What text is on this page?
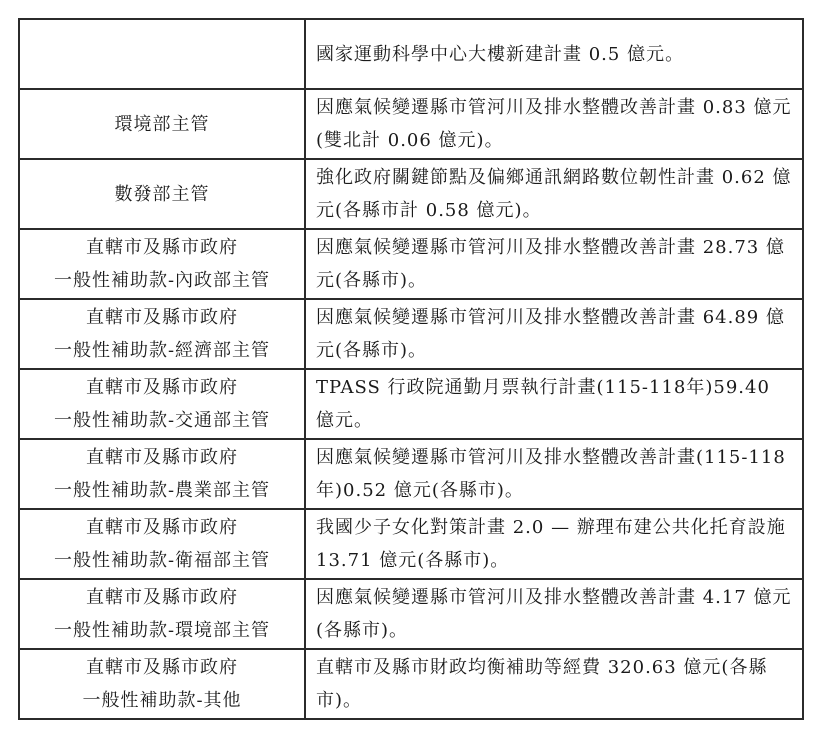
	國家運動科學中心大樓新建計畫 0.5 億元。

環境部主管	因應氣候變遷縣市管河川及排水整體改善計畫 0.83 億元(雙北計 0.06 億元)。

數發部主管	強化政府關鍵節點及偏鄉通訊網路數位韌性計畫 0.62 億元(各縣市計 0.58 億元)。

直轄市及縣市政府
一般性補助款-內政部主管	因應氣候變遷縣市管河川及排水整體改善計畫 28.73 億元(各縣市)。

直轄市及縣市政府
一般性補助款-經濟部主管	因應氣候變遷縣市管河川及排水整體改善計畫 64.89 億元(各縣市)。

直轄市及縣市政府
一般性補助款-交通部主管	TPASS 行政院通勤月票執行計畫(115-118年)59.40 億元。

直轄市及縣市政府
一般性補助款-農業部主管	因應氣候變遷縣市管河川及排水整體改善計畫(115-118 年)0.52 億元(各縣市)。

直轄市及縣市政府
一般性補助款-衛福部主管	我國少子女化對策計畫 2.0 — 辦理布建公共化托育設施 13.71 億元(各縣市)。

直轄市及縣市政府
一般性補助款-環境部主管	因應氣候變遷縣市管河川及排水整體改善計畫 4.17 億元(各縣市)。

直轄市及縣市政府
一般性補助款-其他	直轄市及縣市財政均衡補助等經費 320.63 億元(各縣市)。
